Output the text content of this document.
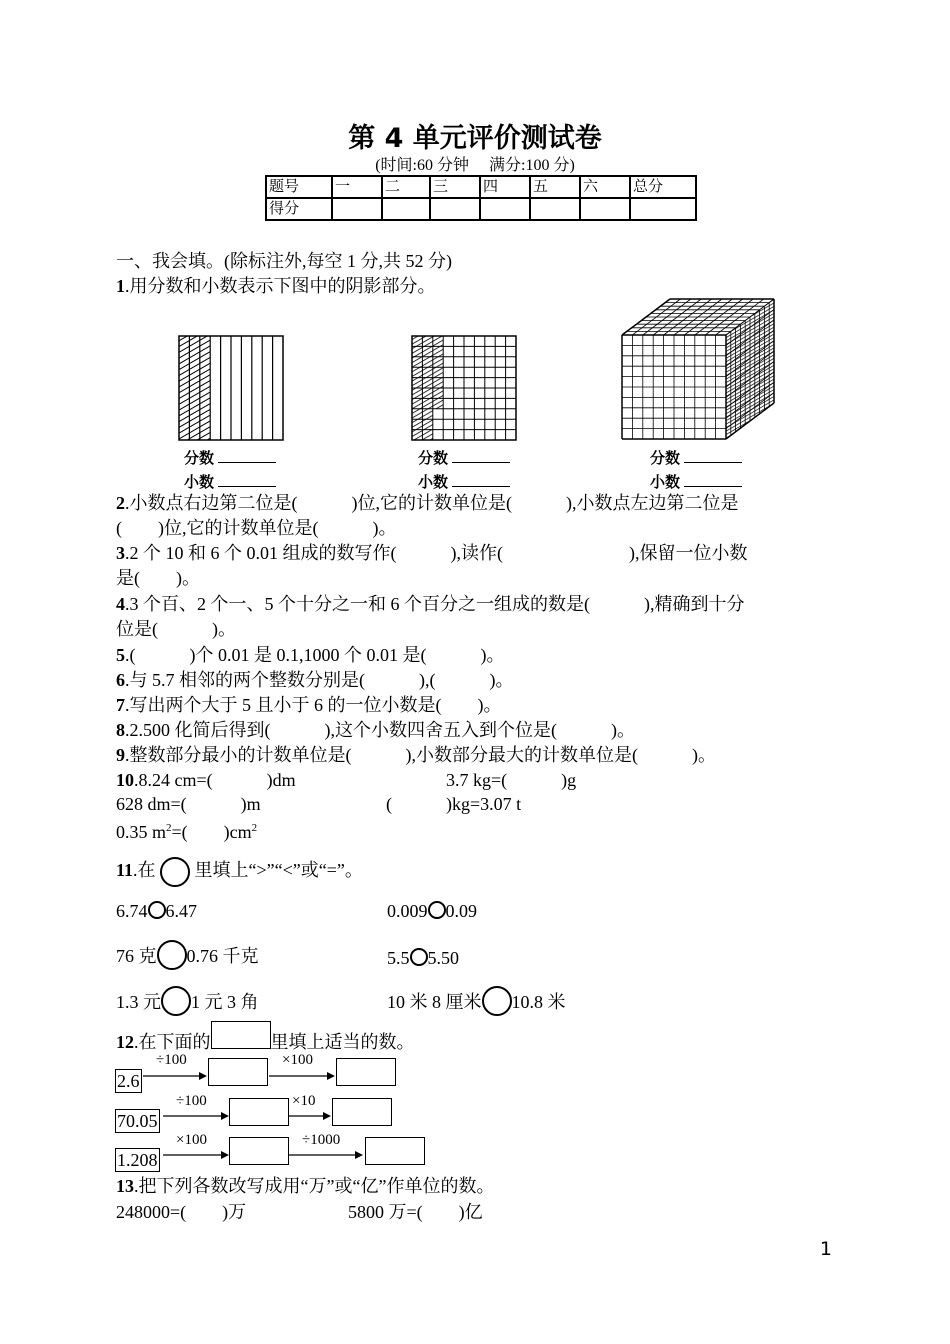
第 4 单元评价测试卷
(时间:60 分钟　 满分:100 分)
题号	一	二	三	四	五	六	总分
得分							
一、我会填。(除标注外,每空 1 分,共 52 分)
1.用分数和小数表示下图中的阴影部分。
分数
小数
分数
小数
分数
小数
2.小数点右边第二位是(　　　)位,它的计数单位是(　　　),小数点左边第二位是
(　　)位,它的计数单位是(　　　)。
3.2 个 10 和 6 个 0.01 组成的数写作(　　　),读作(　　　　　　　),保留一位小数
是(　　)。
4.3 个百、2 个一、5 个十分之一和 6 个百分之一组成的数是(　　　),精确到十分
位是(　　　)。
5.(　　　)个 0.01 是 0.1,1000 个 0.01 是(　　　)。
6.与 5.7 相邻的两个整数分别是(　　　),(　　　)。
7.写出两个大于 5 且小于 6 的一位小数是(　　)。
8.2.500 化简后得到(　　　),这个小数四舍五入到个位是(　　　)。
9.整数部分最小的计数单位是(　　　),小数部分最大的计数单位是(　　　)。
10.8.24 cm=(　　　)dm	3.7 kg=(　　　)g
628 dm=(　　　)m	(　　　)kg=3.07 t
0.35 $m^2=$(　　)$cm^2$
11.在 里填上“>”“<”或“=”。
6.74 6.47	0.009 0.09
76 克 0.76 千克	5.5 5.50
1.3 元 1 元 3 角	10 米 8 厘米 10.8 米
12.在下面的	里填上适当的数。
2.6
÷100	×100
70.05
÷100	×10
1.208
×100	÷1000
13.把下列各数改写成用“万”或“亿”作单位的数。
248000=(　　)万	5800 万=(　　)亿
1
